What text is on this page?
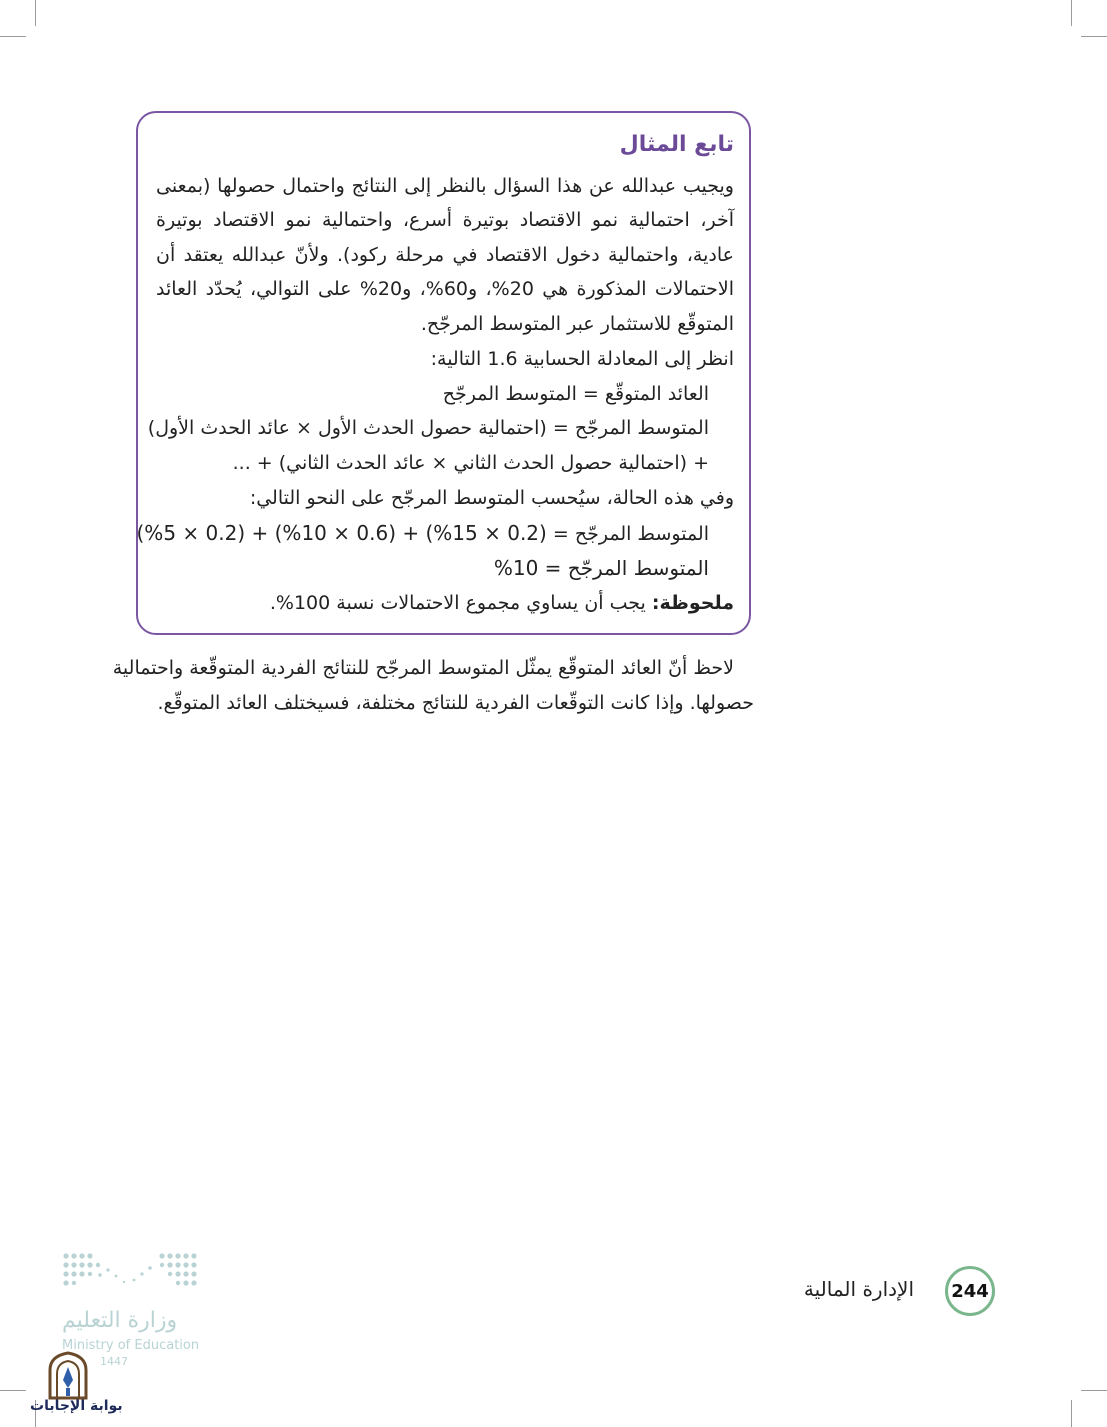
تابع المثال
ويجيب عبدالله عن هذا السؤال بالنظر إلى النتائج واحتمال حصولها (بمعنى
آخر، احتمالية نمو الاقتصاد بوتيرة أسرع، واحتمالية نمو الاقتصاد بوتيرة
عادية، واحتمالية دخول الاقتصاد في مرحلة ركود). ولأنّ عبدالله يعتقد أن
الاحتمالات المذكورة هي 20%، و60%، و20% على التوالي، يُحدّد العائد
المتوقّع للاستثمار عبر المتوسط المرجّح.
انظر إلى المعادلة الحسابية 1.6 التالية:
العائد المتوقّع = المتوسط المرجّح
المتوسط المرجّح = (احتمالية حصول الحدث الأول × عائد الحدث الأول)
+ (احتمالية حصول الحدث الثاني × عائد الحدث الثاني) + ...
وفي هذه الحالة، سيُحسب المتوسط المرجّح على النحو التالي:
المتوسط المرجّح = (0.2 × 15%) + (0.6 × 10%) + (0.2 × 5%)
المتوسط المرجّح = 10%
ملحوظة: يجب أن يساوي مجموع الاحتمالات نسبة 100%.
لاحظ أنّ العائد المتوقّع يمثّل المتوسط المرجّح للنتائج الفردية المتوقّعة واحتمالية
حصولها. وإذا كانت التوقّعات الفردية للنتائج مختلفة، فسيختلف العائد المتوقّع.
244
الإدارة المالية
وزارة التعليم
Ministry of Education
1447
بوابة الإجابات
